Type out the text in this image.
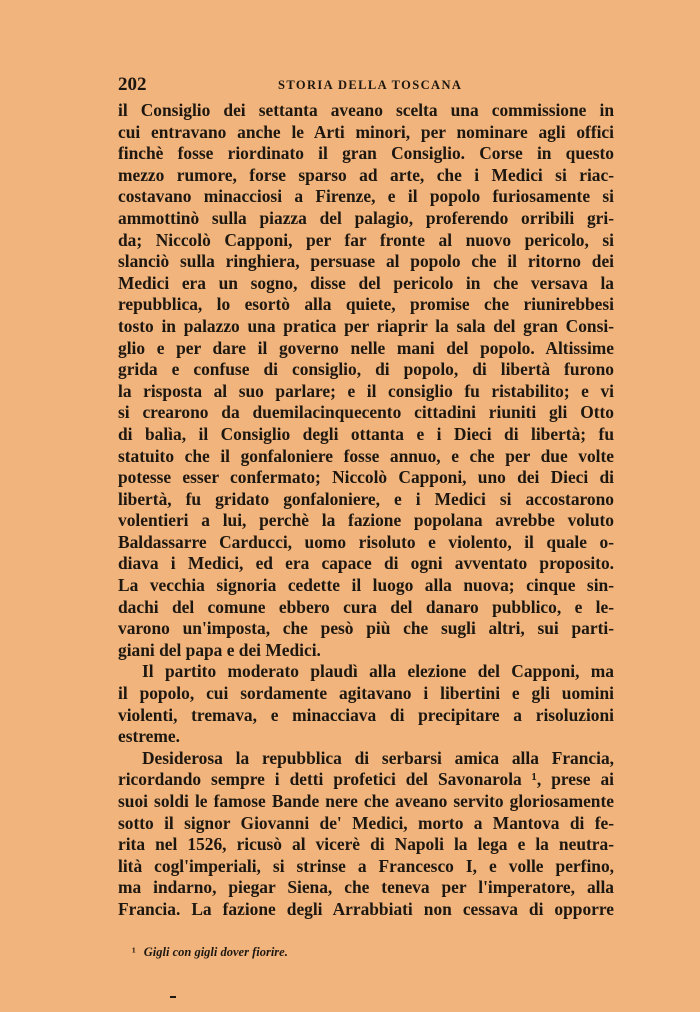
202	STORIA DELLA TOSCANA
il Consiglio dei settanta aveano scelta una commissione in
cui entravano anche le Arti minori, per nominare agli offici
finchè fosse riordinato il gran Consiglio. Corse in questo
mezzo rumore, forse sparso ad arte, che i Medici si riac-
costavano minacciosi a Firenze, e il popolo furiosamente si
ammottinò sulla piazza del palagio, proferendo orribili gri-
da; Niccolò Capponi, per far fronte al nuovo pericolo, si
slanciò sulla ringhiera, persuase al popolo che il ritorno dei
Medici era un sogno, disse del pericolo in che versava la
repubblica, lo esortò alla quiete, promise che riunirebbesi
tosto in palazzo una pratica per riaprir la sala del gran Consi-
glio e per dare il governo nelle mani del popolo. Altissime
grida e confuse di consiglio, di popolo, di libertà furono
la risposta al suo parlare; e il consiglio fu ristabilito; e vi
si crearono da duemilacinquecento cittadini riuniti gli Otto
di balìa, il Consiglio degli ottanta e i Dieci di libertà; fu
statuito che il gonfaloniere fosse annuo, e che per due volte
potesse esser confermato; Niccolò Capponi, uno dei Dieci di
libertà, fu gridato gonfaloniere, e i Medici si accostarono
volentieri a lui, perchè la fazione popolana avrebbe voluto
Baldassarre Carducci, uomo risoluto e violento, il quale o-
diava i Medici, ed era capace di ogni avventato proposito.
La vecchia signoria cedette il luogo alla nuova; cinque sin-
dachi del comune ebbero cura del danaro pubblico, e le-
varono un'imposta, che pesò più che sugli altri, sui parti-
giani del papa e dei Medici.
Il partito moderato plaudì alla elezione del Capponi, ma
il popolo, cui sordamente agitavano i libertini e gli uomini
violenti, tremava, e minacciava di precipitare a risoluzioni
estreme.
Desiderosa la repubblica di serbarsi amica alla Francia,
ricordando sempre i detti profetici del Savonarola ¹, prese ai
suoi soldi le famose Bande nere che aveano servito gloriosamente
sotto il signor Giovanni de' Medici, morto a Mantova di fe-
rita nel 1526, ricusò al vicerè di Napoli la lega e la neutra-
lità cogl'imperiali, si strinse a Francesco I, e volle perfino,
ma indarno, piegar Siena, che teneva per l'imperatore, alla
Francia. La fazione degli Arrabbiati non cessava di opporre
¹ Gigli con gigli dover fiorire.
